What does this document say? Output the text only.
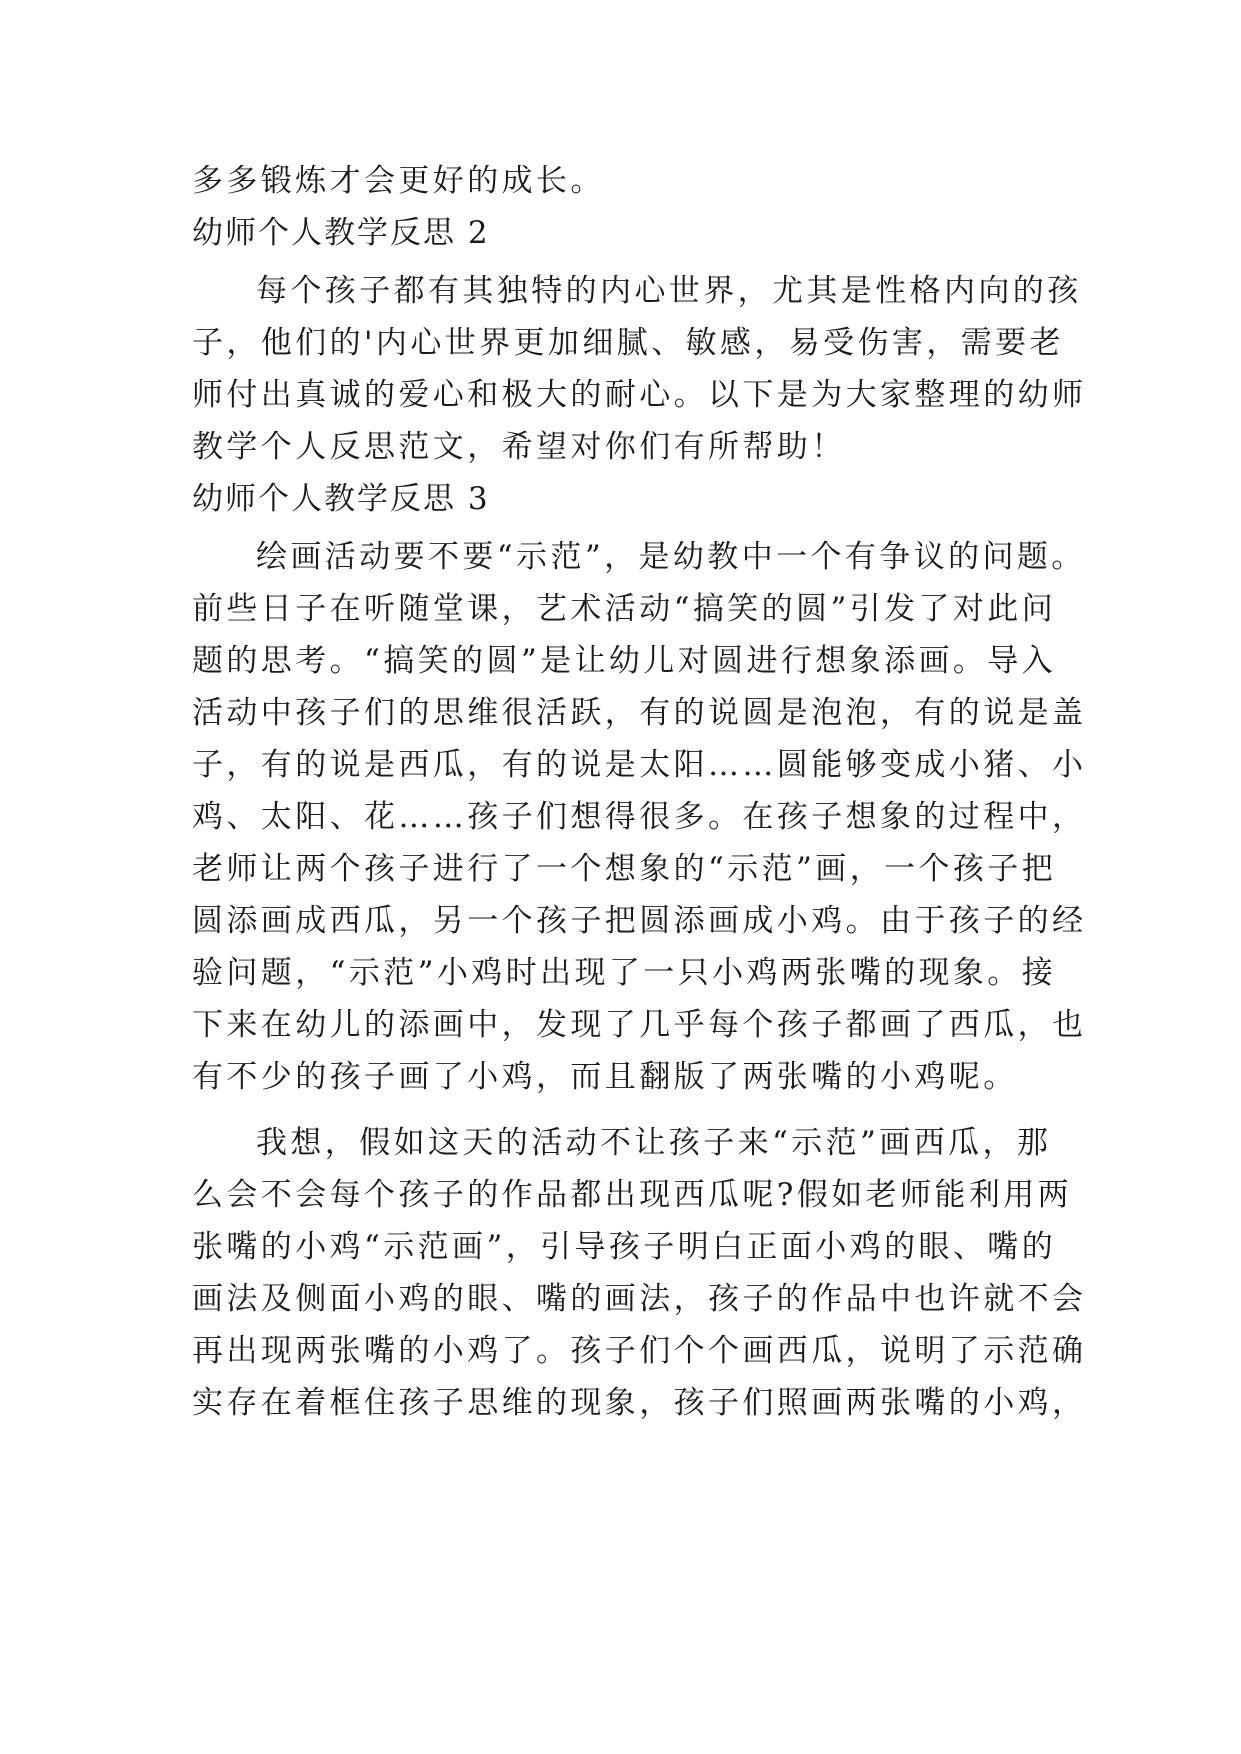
多多锻炼才会更好的成长。
幼师个人教学反思 2
每个孩子都有其独特的内心世界，尤其是性格内向的孩
子，他们的'内心世界更加细腻、敏感，易受伤害，需要老
师付出真诚的爱心和极大的耐心。以下是为大家整理的幼师
教学个人反思范文，希望对你们有所帮助！
幼师个人教学反思 3
绘画活动要不要“示范”，是幼教中一个有争议的问题。
前些日子在听随堂课，艺术活动“搞笑的圆”引发了对此问
题的思考。“搞笑的圆”是让幼儿对圆进行想象添画。导入
活动中孩子们的思维很活跃，有的说圆是泡泡，有的说是盖
子，有的说是西瓜，有的说是太阳……圆能够变成小猪、小
鸡、太阳、花……孩子们想得很多。在孩子想象的过程中，
老师让两个孩子进行了一个想象的“示范”画，一个孩子把
圆添画成西瓜，另一个孩子把圆添画成小鸡。由于孩子的经
验问题，“示范”小鸡时出现了一只小鸡两张嘴的现象。接
下来在幼儿的添画中，发现了几乎每个孩子都画了西瓜，也
有不少的孩子画了小鸡，而且翻版了两张嘴的小鸡呢。
我想，假如这天的活动不让孩子来“示范”画西瓜，那
么会不会每个孩子的作品都出现西瓜呢?假如老师能利用两
张嘴的小鸡“示范画”，引导孩子明白正面小鸡的眼、嘴的
画法及侧面小鸡的眼、嘴的画法，孩子的作品中也许就不会
再出现两张嘴的小鸡了。孩子们个个画西瓜，说明了示范确
实存在着框住孩子思维的现象，孩子们照画两张嘴的小鸡，
